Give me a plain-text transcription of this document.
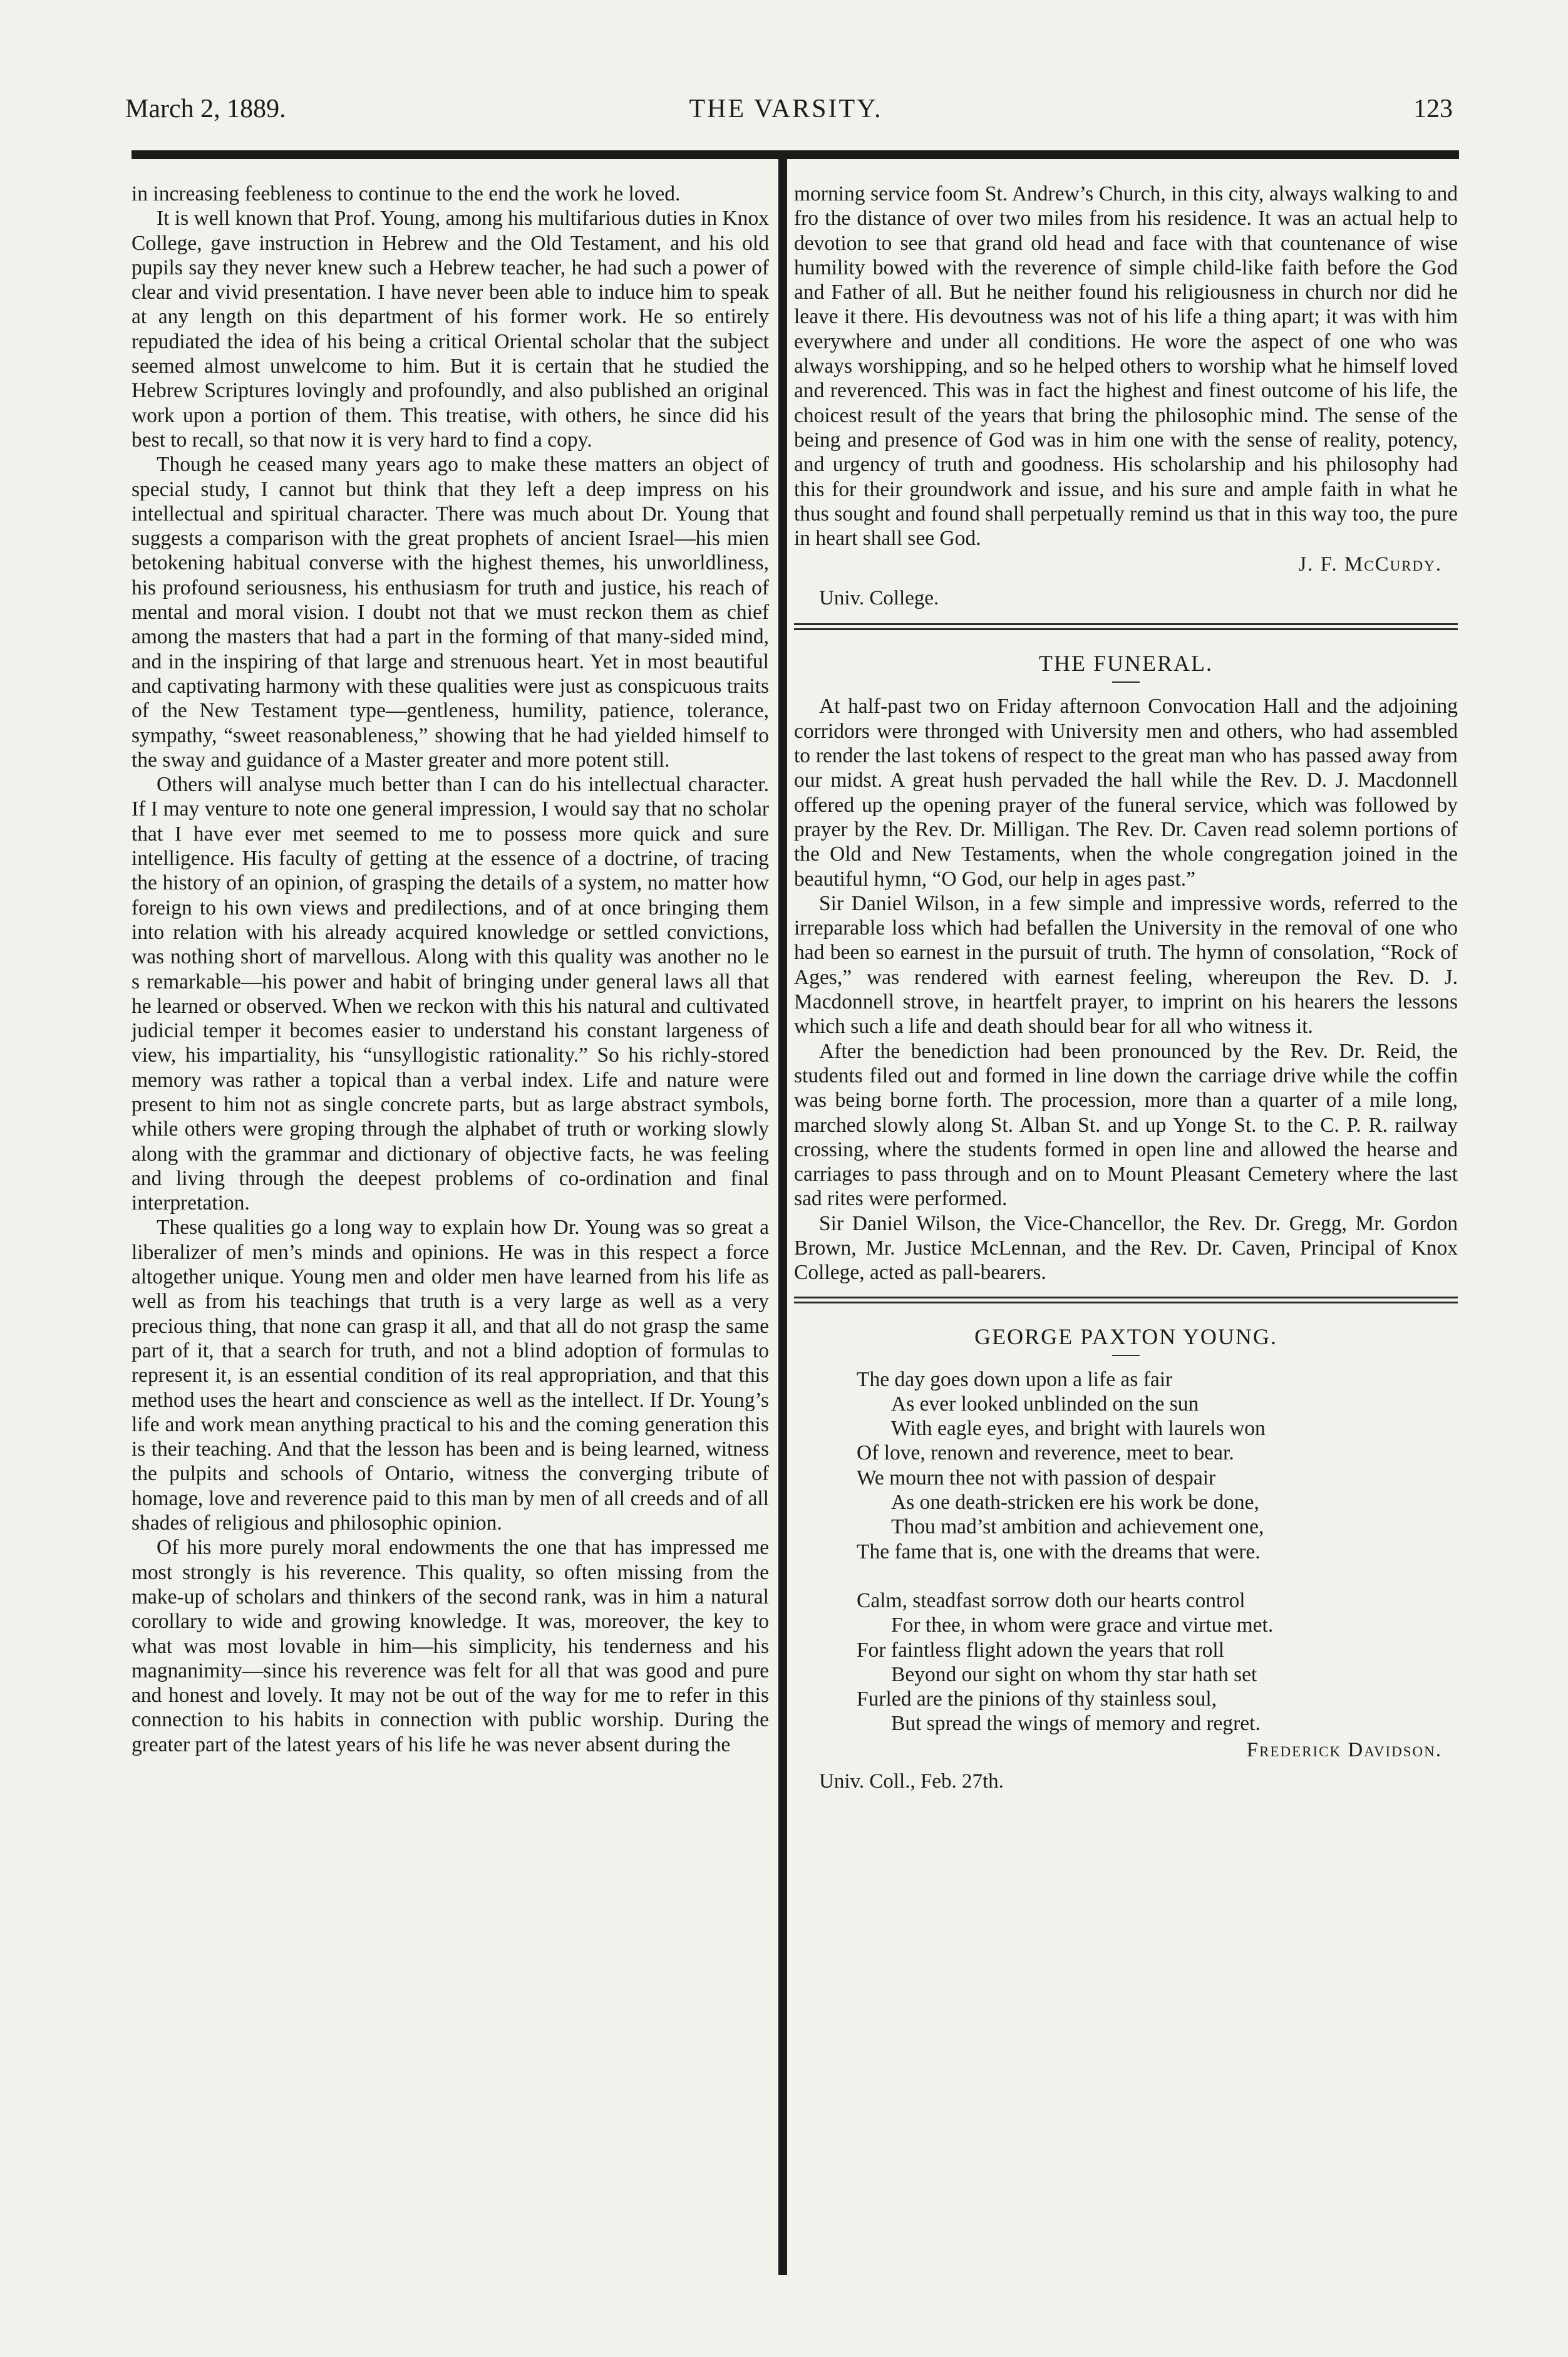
March 2, 1889.	THE VARSITY.	123

in increasing feebleness to continue to the end the work he loved.

It is well known that Prof. Young, among his multifarious duties in Knox College, gave instruction in Hebrew and the Old Testament, and his old pupils say they never knew such a Hebrew teacher, he had such a power of clear and vivid presentation. I have never been able to induce him to speak at any length on this department of his former work. He so entirely repudiated the idea of his being a critical Oriental scholar that the subject seemed almost unwelcome to him. But it is certain that he studied the Hebrew Scriptures lovingly and profoundly, and also published an original work upon a portion of them. This treatise, with others, he since did his best to recall, so that now it is very hard to find a copy.

Though he ceased many years ago to make these matters an object of special study, I cannot but think that they left a deep impress on his intellectual and spiritual character. There was much about Dr. Young that suggests a comparison with the great prophets of ancient Israel—his mien betokening habitual converse with the highest themes, his unworldliness, his profound seriousness, his enthusiasm for truth and justice, his reach of mental and moral vision. I doubt not that we must reckon them as chief among the masters that had a part in the forming of that many-sided mind, and in the inspiring of that large and strenuous heart. Yet in most beautiful and captivating harmony with these qualities were just as conspicuous traits of the New Testament type—gentleness, humility, patience, tolerance, sympathy, “sweet reasonableness,” showing that he had yielded himself to the sway and guidance of a Master greater and more potent still.

Others will analyse much better than I can do his intellectual character. If I may venture to note one general impression, I would say that no scholar that I have ever met seemed to me to possess more quick and sure intelligence. His faculty of getting at the essence of a doctrine, of tracing the history of an opinion, of grasping the details of a system, no matter how foreign to his own views and predilections, and of at once bringing them into relation with his already acquired knowledge or settled convictions, was nothing short of marvellous. Along with this quality was another no le s remarkable—his power and habit of bringing under general laws all that he learned or observed. When we reckon with this his natural and cultivated judicial temper it becomes easier to understand his constant largeness of view, his impartiality, his “unsyllogistic rationality.” So his richly-stored memory was rather a topical than a verbal index. Life and nature were present to him not as single concrete parts, but as large abstract symbols, while others were groping through the alphabet of truth or working slowly along with the grammar and dictionary of objective facts, he was feeling and living through the deepest problems of co-ordination and final interpretation.

These qualities go a long way to explain how Dr. Young was so great a liberalizer of men’s minds and opinions. He was in this respect a force altogether unique. Young men and older men have learned from his life as well as from his teachings that truth is a very large as well as a very precious thing, that none can grasp it all, and that all do not grasp the same part of it, that a search for truth, and not a blind adoption of formulas to represent it, is an essential condition of its real appropriation, and that this method uses the heart and conscience as well as the intellect. If Dr. Young’s life and work mean anything practical to his and the coming generation this is their teaching. And that the lesson has been and is being learned, witness the pulpits and schools of Ontario, witness the converging tribute of homage, love and reverence paid to this man by men of all creeds and of all shades of religious and philosophic opinion.

Of his more purely moral endowments the one that has impressed me most strongly is his reverence. This quality, so often missing from the make-up of scholars and thinkers of the second rank, was in him a natural corollary to wide and growing knowledge. It was, moreover, the key to what was most lovable in him—his simplicity, his tenderness and his magnanimity—since his reverence was felt for all that was good and pure and honest and lovely. It may not be out of the way for me to refer in this connection to his habits in connection with public worship. During the greater part of the latest years of his life he was never absent during the

morning service foom St. Andrew’s Church, in this city, always walking to and fro the distance of over two miles from his residence. It was an actual help to devotion to see that grand old head and face with that countenance of wise humility bowed with the reverence of simple child-like faith before the God and Father of all. But he neither found his religiousness in church nor did he leave it there. His devoutness was not of his life a thing apart; it was with him everywhere and under all conditions. He wore the aspect of one who was always worshipping, and so he helped others to worship what he himself loved and reverenced. This was in fact the highest and finest outcome of his life, the choicest result of the years that bring the philosophic mind. The sense of the being and presence of God was in him one with the sense of reality, potency, and urgency of truth and goodness. His scholarship and his philosophy had this for their groundwork and issue, and his sure and ample faith in what he thus sought and found shall perpetually remind us that in this way too, the pure in heart shall see God.

J. F. McCurdy.
Univ. College.
THE FUNERAL.

At half-past two on Friday afternoon Convocation Hall and the adjoining corridors were thronged with University men and others, who had assembled to render the last tokens of respect to the great man who has passed away from our midst. A great hush pervaded the hall while the Rev. D. J. Macdonnell offered up the opening prayer of the funeral service, which was followed by prayer by the Rev. Dr. Milligan. The Rev. Dr. Caven read solemn portions of the Old and New Testaments, when the whole congregation joined in the beautiful hymn, “O God, our help in ages past.”

Sir Daniel Wilson, in a few simple and impressive words, referred to the irreparable loss which had befallen the University in the removal of one who had been so earnest in the pursuit of truth. The hymn of consolation, “Rock of Ages,” was rendered with earnest feeling, whereupon the Rev. D. J. Macdonnell strove, in heartfelt prayer, to imprint on his hearers the lessons which such a life and death should bear for all who witness it.

After the benediction had been pronounced by the Rev. Dr. Reid, the students filed out and formed in line down the carriage drive while the coffin was being borne forth. The procession, more than a quarter of a mile long, marched slowly along St. Alban St. and up Yonge St. to the C. P. R. railway crossing, where the students formed in open line and allowed the hearse and carriages to pass through and on to Mount Pleasant Cemetery where the last sad rites were performed.

Sir Daniel Wilson, the Vice-Chancellor, the Rev. Dr. Gregg, Mr. Gordon Brown, Mr. Justice McLennan, and the Rev. Dr. Caven, Principal of Knox College, acted as pall-bearers.

GEORGE PAXTON YOUNG.
The day goes down upon a life as fair
As ever looked unblinded on the sun
With eagle eyes, and bright with laurels won
Of love, renown and reverence, meet to bear.
We mourn thee not with passion of despair
As one death-stricken ere his work be done,
Thou mad’st ambition and achievement one,
The fame that is, one with the dreams that were.
Calm, steadfast sorrow doth our hearts control
For thee, in whom were grace and virtue met.
For faintless flight adown the years that roll
Beyond our sight on whom thy star hath set
Furled are the pinions of thy stainless soul,
But spread the wings of memory and regret.
Frederick Davidson.
Univ. Coll., Feb. 27th.
